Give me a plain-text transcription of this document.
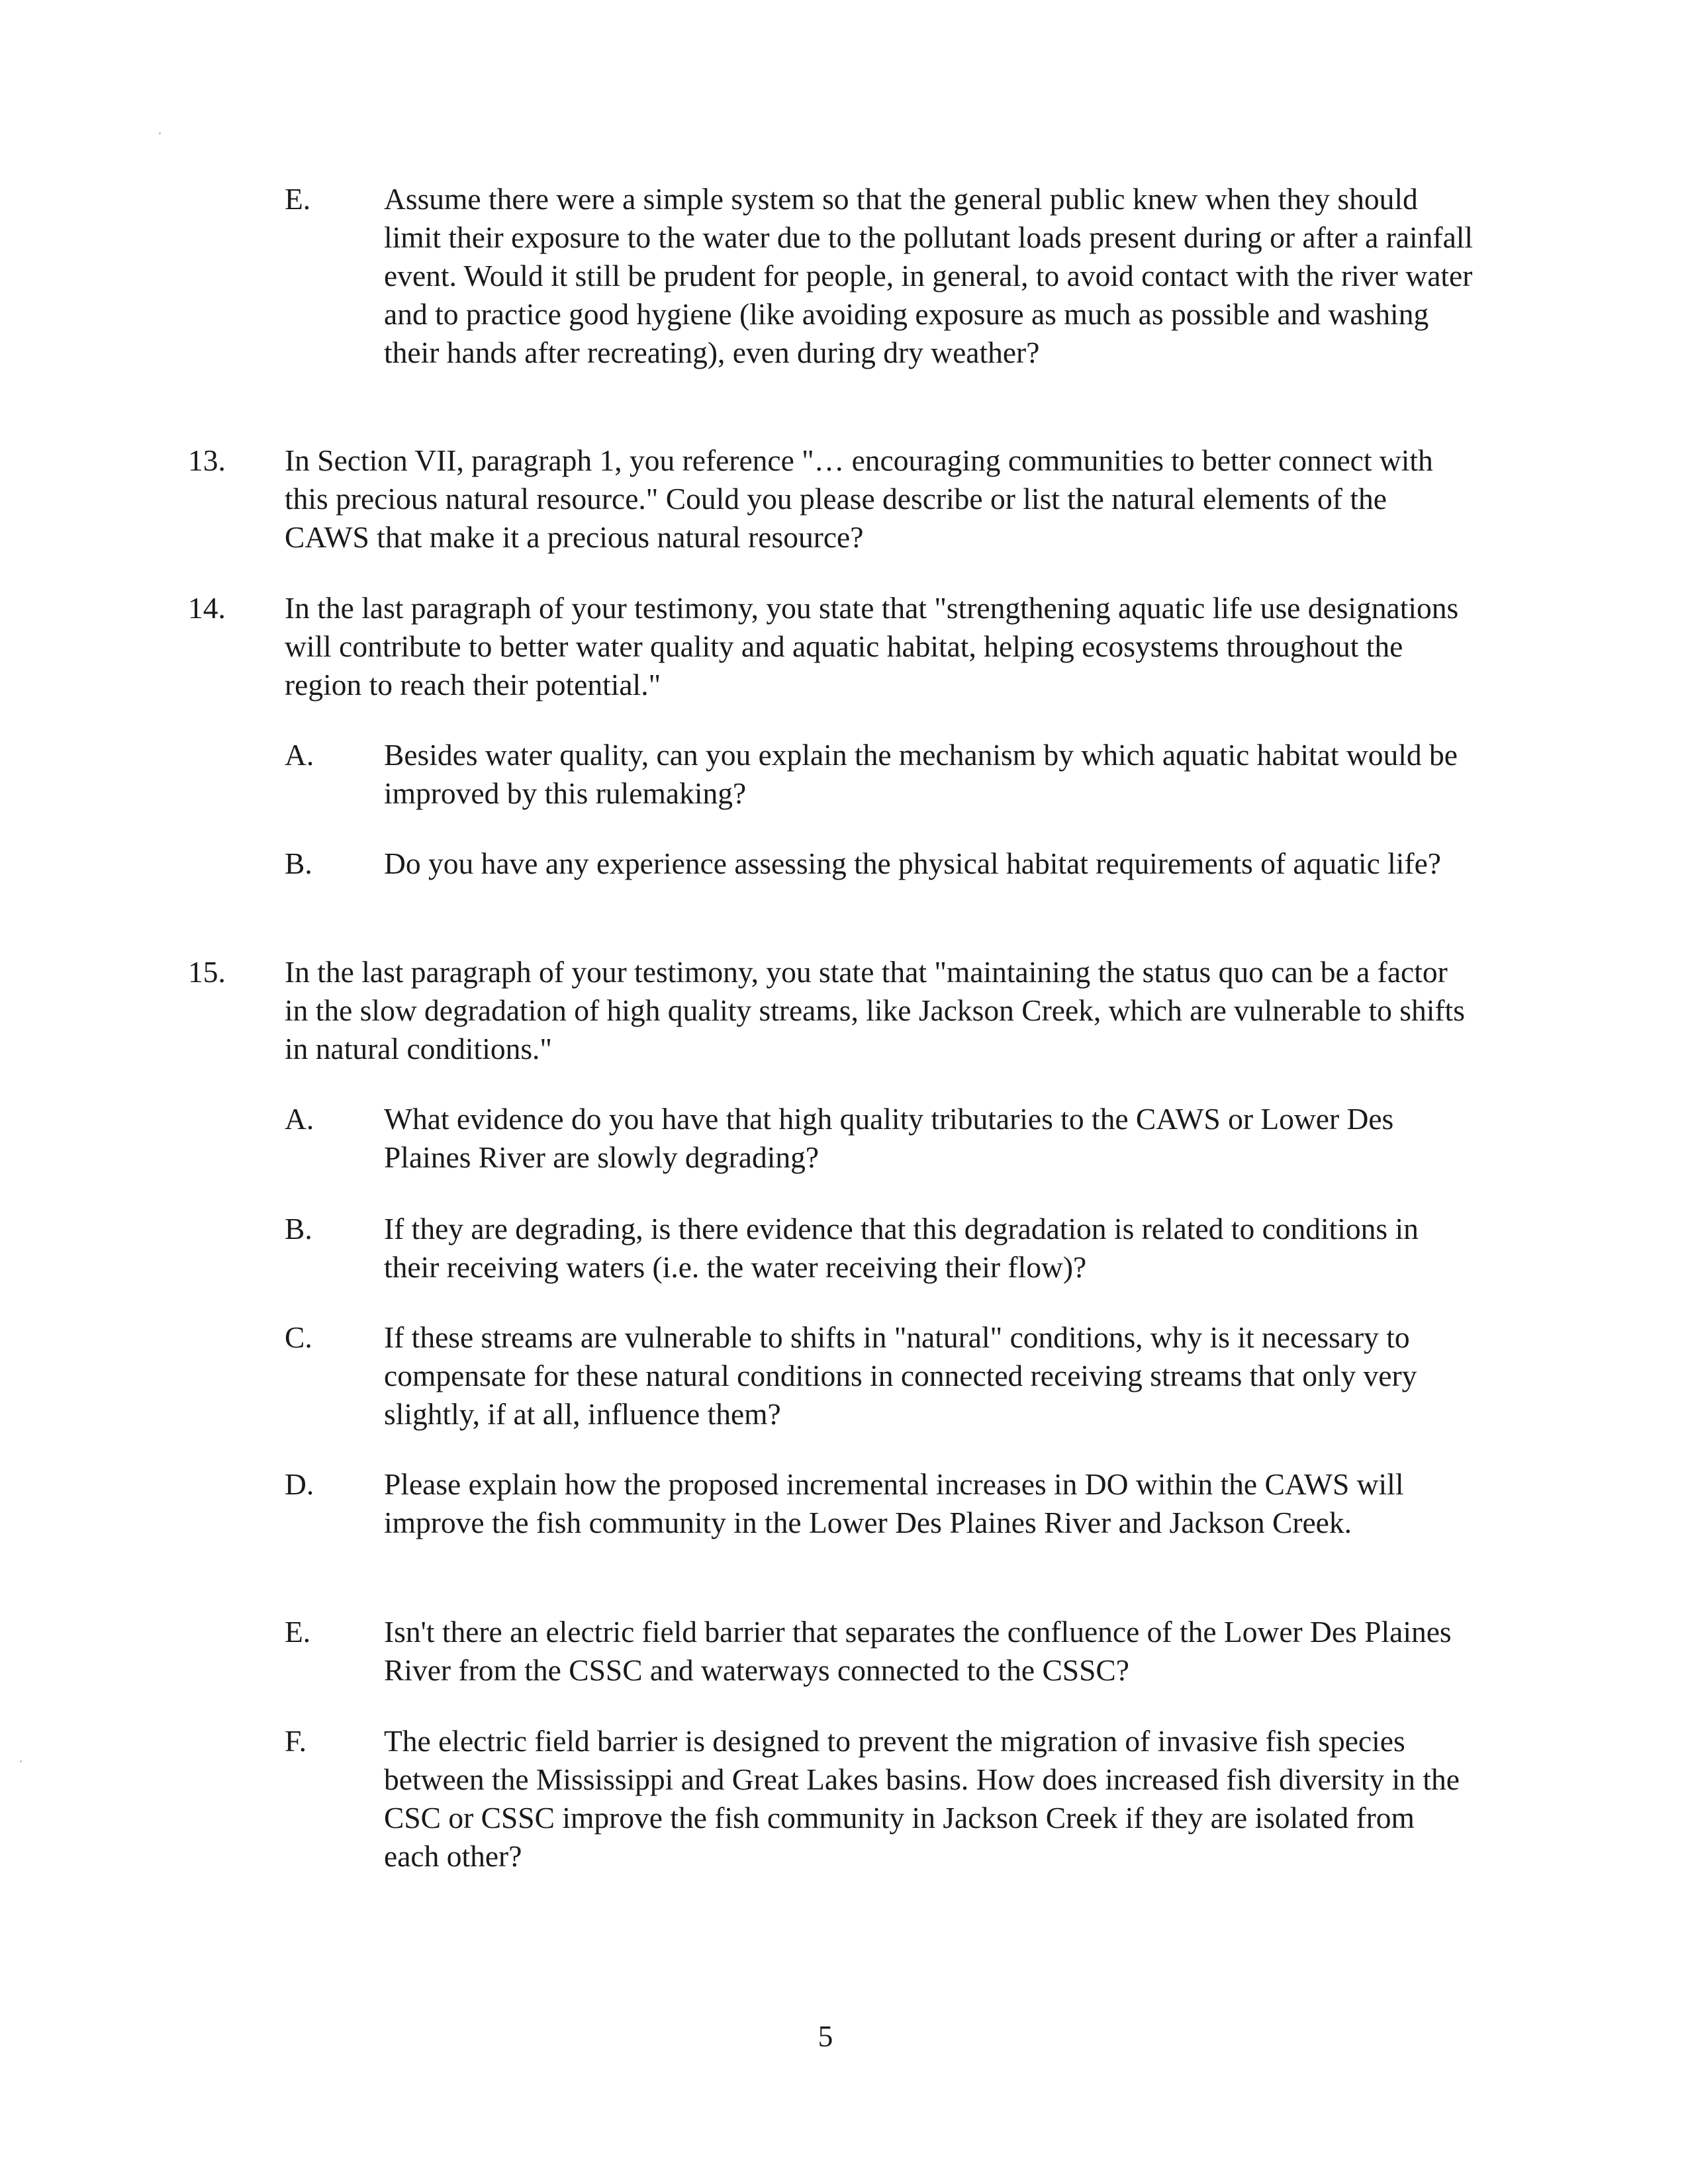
E.	Assume there were a simple system so that the general public knew when they should limit their exposure to the water due to the pollutant loads present during or after a rainfall event. Would it still be prudent for people, in general, to avoid contact with the river water and to practice good hygiene (like avoiding exposure as much as possible and washing their hands after recreating), even during dry weather?
13.	In Section VII, paragraph 1, you reference "… encouraging communities to better connect with this precious natural resource." Could you please describe or list the natural elements of the CAWS that make it a precious natural resource?
14.	In the last paragraph of your testimony, you state that "strengthening aquatic life use designations will contribute to better water quality and aquatic habitat, helping ecosystems throughout the region to reach their potential."
A.	Besides water quality, can you explain the mechanism by which aquatic habitat would be improved by this rulemaking?
B.	Do you have any experience assessing the physical habitat requirements of aquatic life?
15.	In the last paragraph of your testimony, you state that "maintaining the status quo can be a factor in the slow degradation of high quality streams, like Jackson Creek, which are vulnerable to shifts in natural conditions."
A.	What evidence do you have that high quality tributaries to the CAWS or Lower Des Plaines River are slowly degrading?
B.	If they are degrading, is there evidence that this degradation is related to conditions in their receiving waters (i.e. the water receiving their flow)?
C.	If these streams are vulnerable to shifts in "natural" conditions, why is it necessary to compensate for these natural conditions in connected receiving streams that only very slightly, if at all, influence them?
D.	Please explain how the proposed incremental increases in DO within the CAWS will improve the fish community in the Lower Des Plaines River and Jackson Creek.
E.	Isn't there an electric field barrier that separates the confluence of the Lower Des Plaines River from the CSSC and waterways connected to the CSSC?
F.	The electric field barrier is designed to prevent the migration of invasive fish species between the Mississippi and Great Lakes basins. How does increased fish diversity in the CSC or CSSC improve the fish community in Jackson Creek if they are isolated from each other?
5
